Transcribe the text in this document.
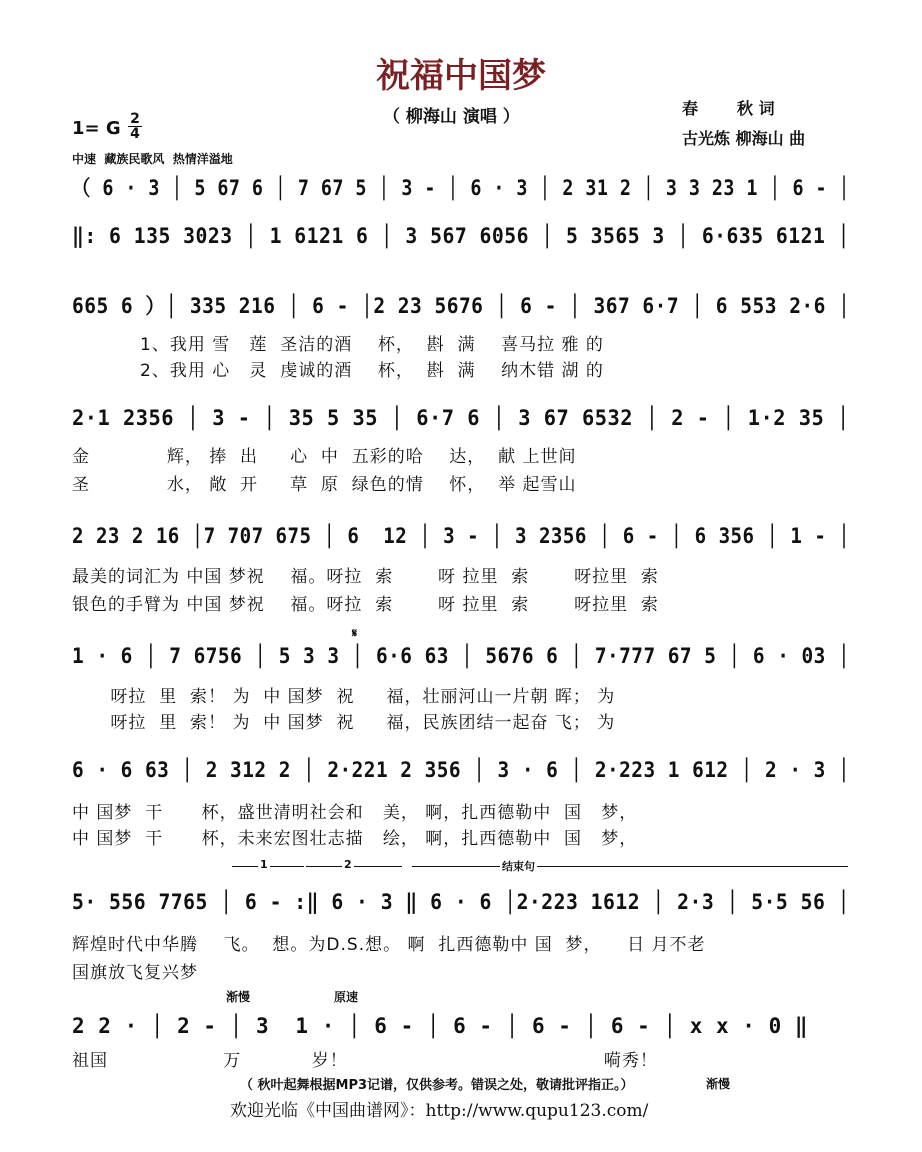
祝福中国梦
（ 柳海山 演唱 ）	春       秋 词
古光炼 柳海山 曲
1= G 2
4
中速  藏族民歌风  热情洋溢地
（ 6 · 3 │ 5 67 6 │ 7 67 5 │ 3 - │ 6 · 3 │ 2 31 2 │ 3 3 23 1 │ 6 - │
‖: 6 135 3023 │ 1 6121 6 │ 3 567 6056 │ 5 3565 3 │ 6·635 6121 │
665 6 ）│ 335 216 │ 6 - │2 23 5676 │ 6 - │ 367 6·7 │ 6 553 2·6 │
1、我用 雪   莲  圣洁的酒    杯，  斟  满    喜马拉 雅 的
2、我用 心   灵  虔诚的酒    杯，  斟  满    纳木错 湖 的
2·1 2356 │ 3 - │ 35 5 35 │ 6·7 6 │ 3 67 6532 │ 2 - │ 1·2 35 │
金            辉， 捧  出     心  中  五彩的哈    达，  献 上世间
圣            水， 敞  开     草  原  绿色的情    怀，  举 起雪山
2 23 2 16 │7 707 675 │ 6  12 │ 3 - │ 3 2356 │ 6 - │ 6 356 │ 1 - │
最美的词汇为 中国 梦祝    福。呀拉  索       呀 拉里  索       呀拉里  索
银色的手臂为 中国 梦祝    福。呀拉  索       呀 拉里  索       呀拉里  索
𝄋
1 · 6 │ 7 6756 │ 5 3 3 │ 6·6 63 │ 5676 6 │ 7·777 67 5 │ 6 · 03 │
呀拉  里  索！ 为  中 国梦  祝     福，壮丽河山一片朝 晖； 为
呀拉  里  索！ 为  中 国梦  祝     福，民族团结一起奋 飞； 为
6 · 6 63 │ 2 312 2 │ 2·221 2 356 │ 3 · 6 │ 2·223 1 612 │ 2 · 3 │
中 国梦  干      杯，盛世清明社会和   美， 啊，扎西德勒中  国   梦，
中 国梦  干      杯，未来宏图壮志描   绘， 啊，扎西德勒中  国   梦，
1	2	结束句
5· 556 7765 │ 6 - :‖ 6 · 3 ‖ 6 · 6 │2·223 1612 │ 2·3 │ 5·5 56 │
辉煌时代中华腾    飞。  想。为D.S.想。 啊  扎西德勒中 国  梦，    日 月不老
国旗放飞复兴梦
渐慢	原速
2 2 · │ 2 - │ 3  1 · │ 6 - │ 6 - │ 6 - │ 6 - │ x x · 0 ‖
祖国                  万           岁！                                        嗬秀！
（ 秋叶起舞根据MP3记谱，仅供参考。错误之处，敬请批评指正。）	渐慢
欢迎光临《中国曲谱网》：http://www.qupu123.com/
